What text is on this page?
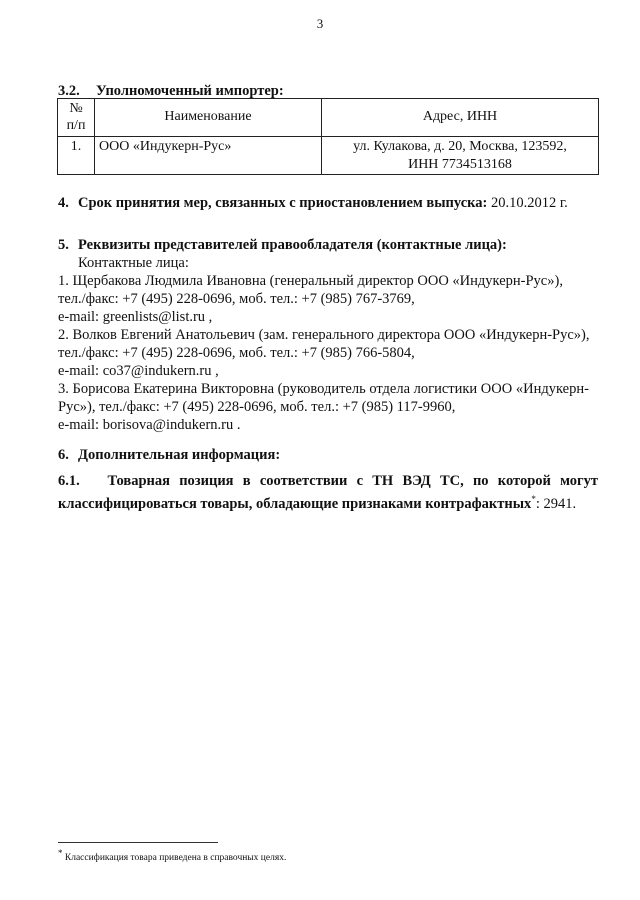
3
3.2. Уполномоченный импортер:
№ п/п	Наименование	Адрес, ИНН
1.	ООО «Индукерн-Рус»	ул. Кулакова, д. 20, Москва, 123592,
ИНН 7734513168
4. Срок принятия мер, связанных с приостановлением выпуска: 20.10.2012 г.
5. Реквизиты представителей правообладателя (контактные лица):
Контактные лица:
1. Щербакова Людмила Ивановна (генеральный директор ООО «Индукерн-Рус»),
тел./факс: +7 (495) 228-0696, моб. тел.: +7 (985) 767-3769,
e-mail: greenlists@list.ru ,
2. Волков Евгений Анатольевич (зам. генерального директора ООО «Индукерн-Рус»),
тел./факс: +7 (495) 228-0696, моб. тел.: +7 (985) 766-5804,
e-mail: co37@indukern.ru ,
3. Борисова Екатерина Викторовна (руководитель отдела логистики ООО «Индукерн-
Рус»), тел./факс: +7 (495) 228-0696, моб. тел.: +7 (985) 117-9960,
e-mail: borisova@indukern.ru .
6. Дополнительная информация:
6.1. Товарная позиция в соответствии с ТН ВЭД ТС, по которой могут
классифицироваться товары, обладающие признаками контрафактных*: 2941.
* Классификация товара приведена в справочных целях.
